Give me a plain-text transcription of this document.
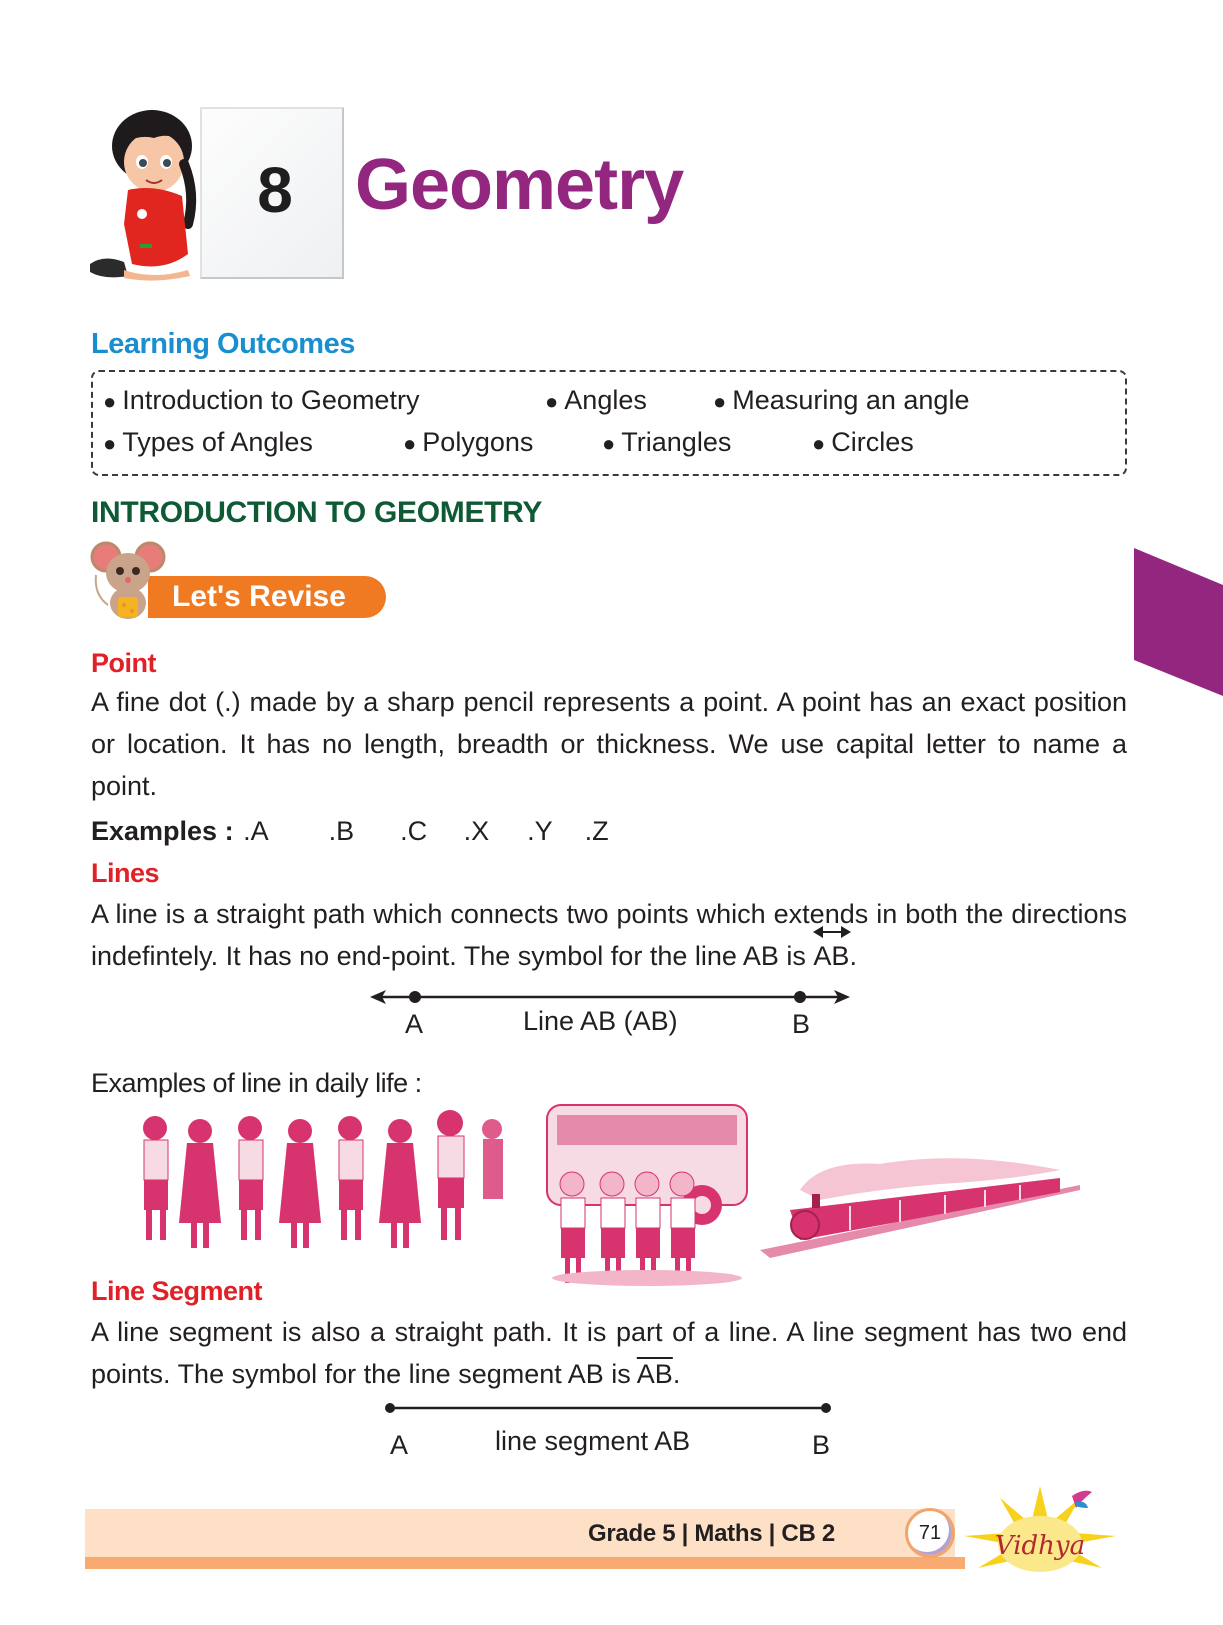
8 Geometry
Learning Outcomes
● Introduction to Geometry	● Angles	● Measuring an angle
● Types of Angles	● Polygons	● Triangles	● Circles
INTRODUCTION TO GEOMETRY
Let's Revise
Point
A fine dot (.) made by a sharp pencil represents a point. A point has an exact position or location. It has no length, breadth or thickness. We use capital letter to name a point.
Examples : .A .B .C .X .Y .Z
Lines
A line is a straight path which connects two points which extends in both the directions indefintely. It has no end-point. The symbol for the line AB is
AB.
A	Line AB (AB)	B
Examples of line in daily life :
Line Segment
A line segment is also a straight path. It is part of a line. A line segment has two end points. The symbol for the line segment AB is $\overline{AB}$.
A	line segment AB	B
Grade 5 | Maths | CB 2	71	Vidhya
